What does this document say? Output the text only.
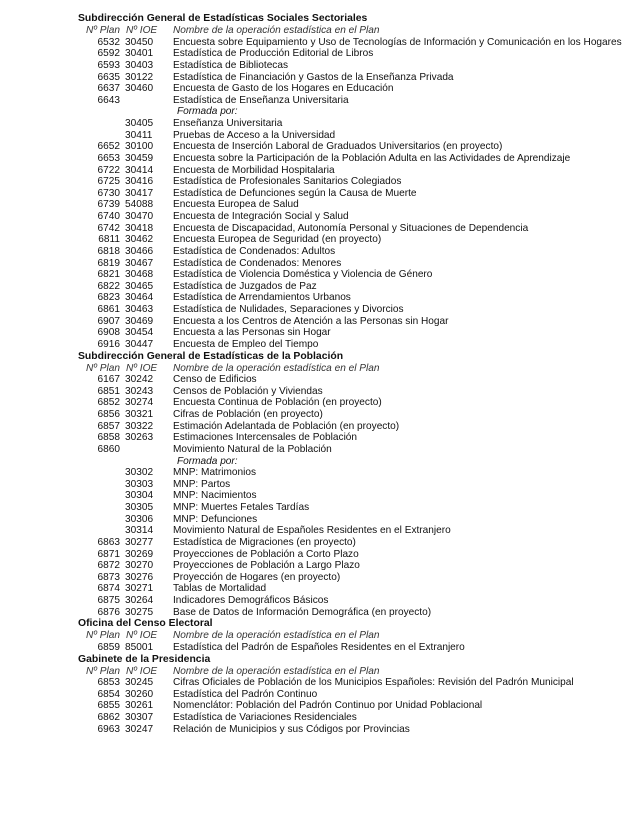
Subdirección General de Estadísticas Sociales Sectoriales
Nº Plan Nº IOE Nombre de la operación estadística en el Plan
6532 30450 Encuesta sobre Equipamiento y Uso de Tecnologías de Información y Comunicación en los Hogares
6592 30401 Estadística de Producción Editorial de Libros
6593 30403 Estadística de Bibliotecas
6635 30122 Estadística de Financiación y Gastos de la Enseñanza Privada
6637 30460 Encuesta de Gasto de los Hogares en Educación
6643	Estadística de Enseñanza Universitaria
Formada por:
30405 Enseñanza Universitaria
30411 Pruebas de Acceso a la Universidad
6652 30100 Encuesta de Inserción Laboral de Graduados Universitarios (en proyecto)
6653 30459 Encuesta sobre la Participación de la Población Adulta en las Actividades de Aprendizaje
6722 30414 Encuesta de Morbilidad Hospitalaria
6725 30416 Estadística de Profesionales Sanitarios Colegiados
6730 30417 Estadística de Defunciones según la Causa de Muerte
6739 54088 Encuesta Europea de Salud
6740 30470 Encuesta de Integración Social y Salud
6742 30418 Encuesta de Discapacidad, Autonomía Personal y Situaciones de Dependencia
6811 30462 Encuesta Europea de Seguridad (en proyecto)
6818 30466 Estadística de Condenados: Adultos
6819 30467 Estadística de Condenados: Menores
6821 30468 Estadística de Violencia Doméstica y Violencia de Género
6822 30465 Estadística de Juzgados de Paz
6823 30464 Estadística de Arrendamientos Urbanos
6861 30463 Estadística de Nulidades, Separaciones y Divorcios
6907 30469 Encuesta a los Centros de Atención a las Personas sin Hogar
6908 30454 Encuesta a las Personas sin Hogar
6916 30447 Encuesta de Empleo del Tiempo
Subdirección General de Estadísticas de la Población
Nº Plan Nº IOE Nombre de la operación estadística en el Plan
6167 30242 Censo de Edificios
6851 30243 Censos de Población y Viviendas
6852 30274 Encuesta Continua de Población (en proyecto)
6856 30321 Cifras de Población (en proyecto)
6857 30322 Estimación Adelantada de Población (en proyecto)
6858 30263 Estimaciones Intercensales de Población
6860	Movimiento Natural de la Población
Formada por:
30302 MNP: Matrimonios
30303 MNP: Partos
30304 MNP: Nacimientos
30305 MNP: Muertes Fetales Tardías
30306 MNP: Defunciones
30314 Movimiento Natural de Españoles Residentes en el Extranjero
6863 30277 Estadística de Migraciones (en proyecto)
6871 30269 Proyecciones de Población a Corto Plazo
6872 30270 Proyecciones de Población a Largo Plazo
6873 30276 Proyección de Hogares (en proyecto)
6874 30271 Tablas de Mortalidad
6875 30264 Indicadores Demográficos Básicos
6876 30275 Base de Datos de Información Demográfica (en proyecto)
Oficina del Censo Electoral
Nº Plan Nº IOE Nombre de la operación estadística en el Plan
6859 85001 Estadística del Padrón de Españoles Residentes en el Extranjero
Gabinete de la Presidencia
Nº Plan Nº IOE Nombre de la operación estadística en el Plan
6853 30245 Cifras Oficiales de Población de los Municipios Españoles: Revisión del Padrón Municipal
6854 30260 Estadística del Padrón Continuo
6855 30261 Nomenclátor: Población del Padrón Continuo por Unidad Poblacional
6862 30307 Estadística de Variaciones Residenciales
6963 30247 Relación de Municipios y sus Códigos por Provincias
